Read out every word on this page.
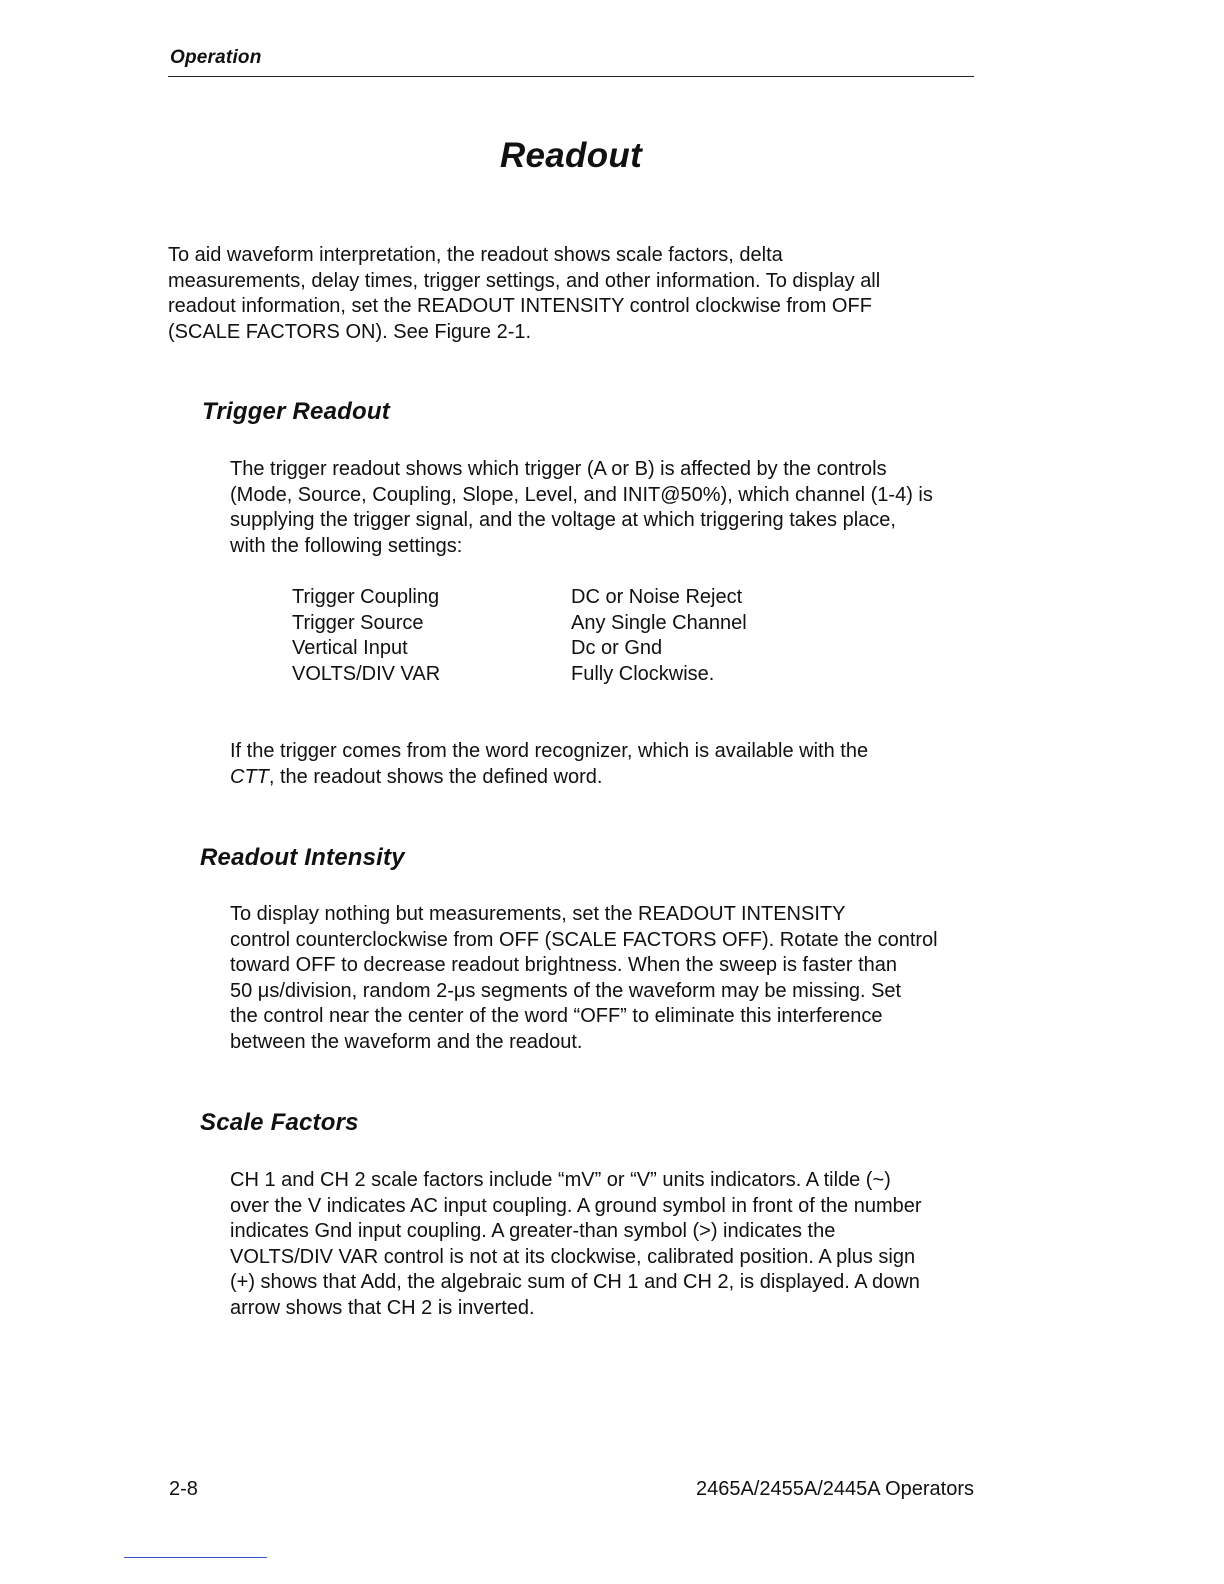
Operation
Readout

To aid waveform interpretation, the readout shows scale factors, delta
measurements, delay times, trigger settings, and other information. To display all
readout information, set the READOUT INTENSITY control clockwise from OFF
(SCALE FACTORS ON). See Figure 2-1.

Trigger Readout

The trigger readout shows which trigger (A or B) is affected by the controls
(Mode, Source, Coupling, Slope, Level, and INIT@50%), which channel (1-4) is
supplying the trigger signal, and the voltage at which triggering takes place,
with the following settings:

Trigger Coupling	DC or Noise Reject
Trigger Source	Any Single Channel
Vertical Input	Dc or Gnd
VOLTS/DIV VAR	Fully Clockwise.

If the trigger comes from the word recognizer, which is available with the
CTT, the readout shows the defined word.

Readout Intensity

To display nothing but measurements, set the READOUT INTENSITY
control counterclockwise from OFF (SCALE FACTORS OFF). Rotate the control
toward OFF to decrease readout brightness. When the sweep is faster than
50 μs/division, random 2-μs segments of the waveform may be missing. Set
the control near the center of the word “OFF” to eliminate this interference
between the waveform and the readout.

Scale Factors

CH 1 and CH 2 scale factors include “mV” or “V” units indicators. A tilde (~)
over the V indicates AC input coupling. A ground symbol in front of the number
indicates Gnd input coupling. A greater-than symbol (>) indicates the
VOLTS/DIV VAR control is not at its clockwise, calibrated position. A plus sign
(+) shows that Add, the algebraic sum of CH 1 and CH 2, is displayed. A down
arrow shows that CH 2 is inverted.

2-8	2465A/2455A/2445A Operators
